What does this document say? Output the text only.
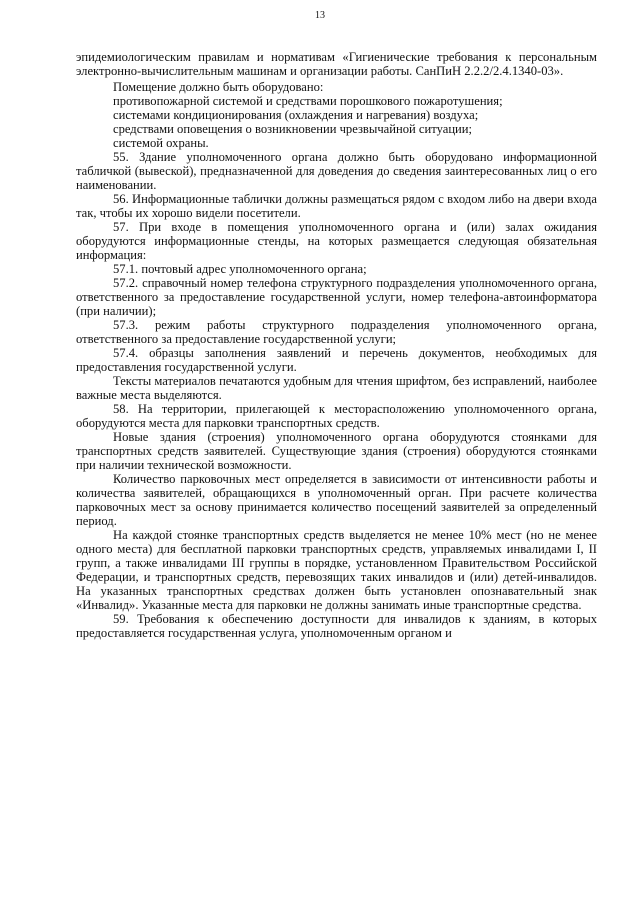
13

эпидемиологическим правилам и нормативам «Гигиенические требования к персональным электронно-вычислительным машинам и организации работы. СанПиН 2.2.2/2.4.1340-03».

Помещение должно быть оборудовано:

противопожарной системой и средствами порошкового пожаротушения;
системами кондиционирования (охлаждения и нагревания) воздуха;
средствами оповещения о возникновении чрезвычайной ситуации;
системой охраны.

55. Здание уполномоченного органа должно быть оборудовано информационной табличкой (вывеской), предназначенной для доведения до сведения заинтересованных лиц о его наименовании.

56. Информационные таблички должны размещаться рядом с входом либо на двери входа так, чтобы их хорошо видели посетители.

57. При входе в помещения уполномоченного органа и (или) залах ожидания оборудуются информационные стенды, на которых размещается следующая обязательная информация:

57.1. почтовый адрес уполномоченного органа;

57.2. справочный номер телефона структурного подразделения уполномоченного органа, ответственного за предоставление государственной услуги, номер телефона-автоинформатора (при наличии);

57.3. режим работы структурного подразделения уполномоченного органа, ответственного за предоставление государственной услуги;

57.4. образцы заполнения заявлений и перечень документов, необходимых для предоставления государственной услуги.

Тексты материалов печатаются удобным для чтения шрифтом, без исправлений, наиболее важные места выделяются.

58. На территории, прилегающей к месторасположению уполномоченного органа, оборудуются места для парковки транспортных средств.

Новые здания (строения) уполномоченного органа оборудуются стоянками для транспортных средств заявителей. Существующие здания (строения) оборудуются стоянками при наличии технической возможности.

Количество парковочных мест определяется в зависимости от интенсивности работы и количества заявителей, обращающихся в уполномоченный орган. При расчете количества парковочных мест за основу принимается количество посещений заявителей за определенный период.

На каждой стоянке транспортных средств выделяется не менее 10% мест (но не менее одного места) для бесплатной парковки транспортных средств, управляемых инвалидами I, II групп, а также инвалидами III группы в порядке, установленном Правительством Российской Федерации, и транспортных средств, перевозящих таких инвалидов и (или) детей-инвалидов. На указанных транспортных средствах должен быть установлен опознавательный знак «Инвалид». Указанные места для парковки не должны занимать иные транспортные средства.

59. Требования к обеспечению доступности для инвалидов к зданиям, в которых предоставляется государственная услуга, уполномоченным органом и
